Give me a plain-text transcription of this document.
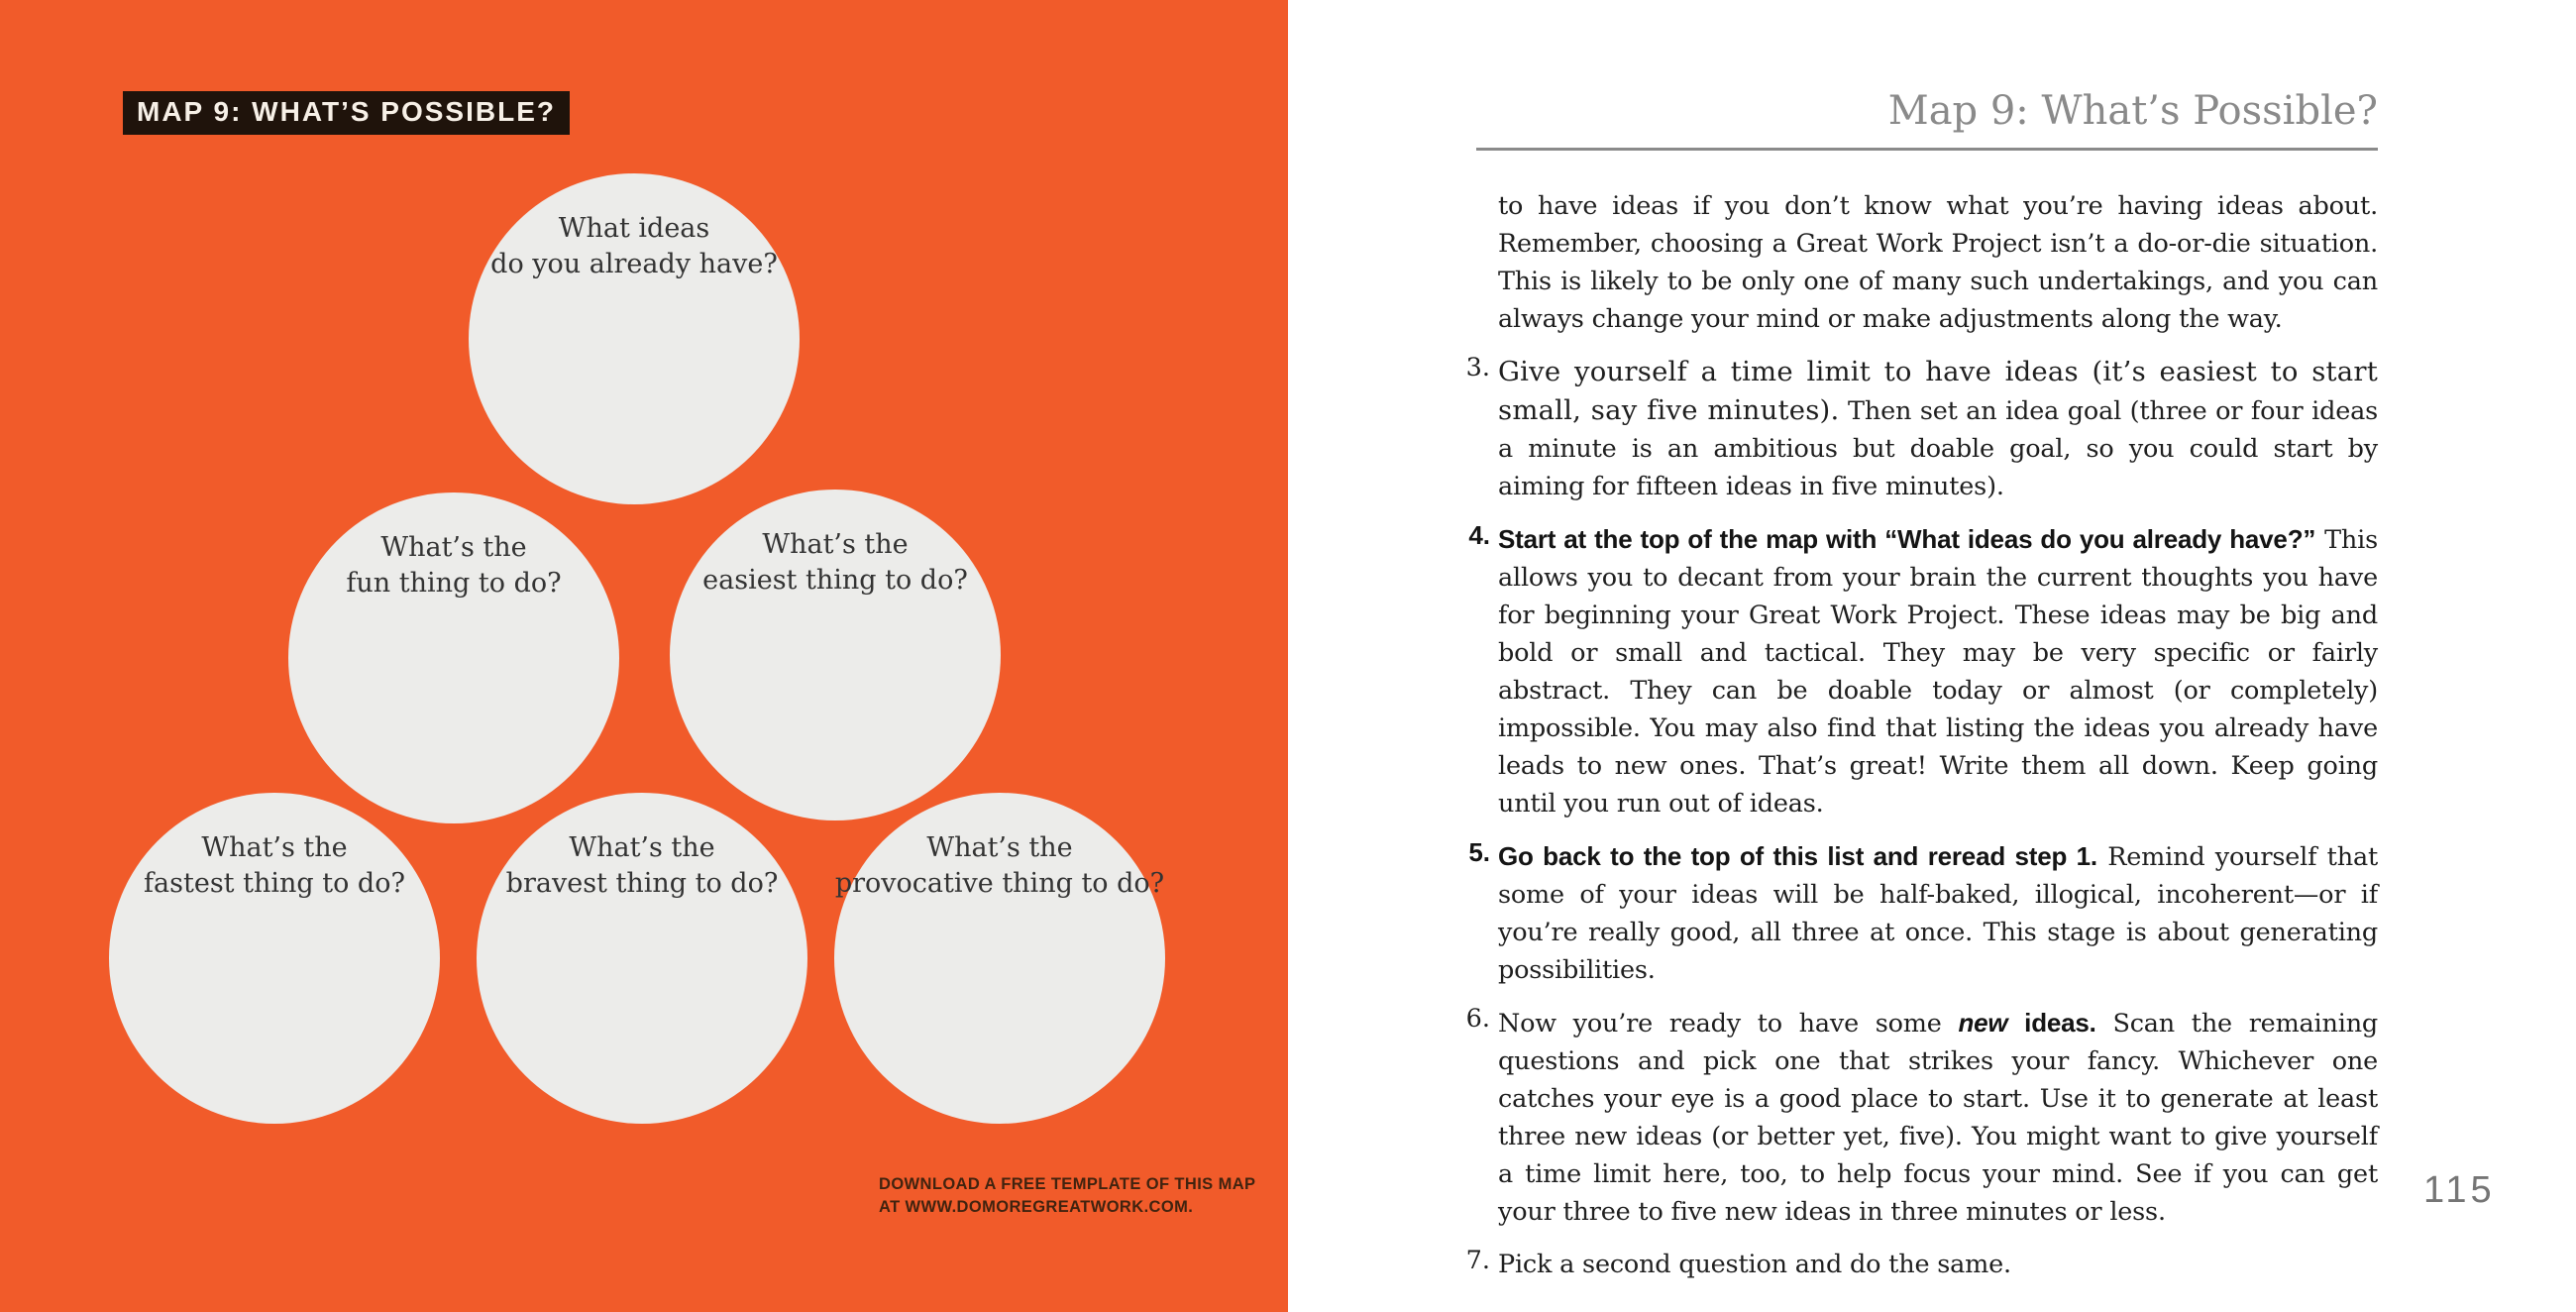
MAP 9: WHAT’S POSSIBLE?
What ideas
do you already have?
What’s the
fun thing to do?
What’s the
easiest thing to do?
What’s the
fastest thing to do?
What’s the
bravest thing to do?
What’s the
provocative thing to do?
DOWNLOAD A FREE TEMPLATE OF THIS MAP
AT WWW.DOMOREGREATWORK.COM.
Map 9: What’s Possible?

to have ideas if you don’t know what you’re having ideas about. Remember, choosing a Great Work Project isn’t a do-or-die situation. This is likely to be only one of many such undertakings, and you can always change your mind or make adjustments along the way.

3. Give yourself a time limit to have ideas (it’s easiest to start small, say five minutes). Then set an idea goal (three or four ideas a minute is an ambitious but doable goal, so you could start by aiming for fifteen ideas in five minutes).

4. Start at the top of the map with “What ideas do you already have?” This allows you to decant from your brain the current thoughts you have for beginning your Great Work Project. These ideas may be big and bold or small and tactical. They may be very specific or fairly abstract. They can be doable today or almost (or completely) impossible. You may also find that listing the ideas you already have leads to new ones. That’s great! Write them all down. Keep going until you run out of ideas.

5. Go back to the top of this list and reread step 1. Remind yourself that some of your ideas will be half-baked, illogical, incoherent—or if you’re really good, all three at once. This stage is about generating possibilities.

6. Now you’re ready to have some new ideas. Scan the remaining questions and pick one that strikes your fancy. Whichever one catches your eye is a good place to start. Use it to generate at least three new ideas (or better yet, five). You might want to give yourself a time limit here, too, to help focus your mind. See if you can get your three to five new ideas in three minutes or less.

7. Pick a second question and do the same.

115
